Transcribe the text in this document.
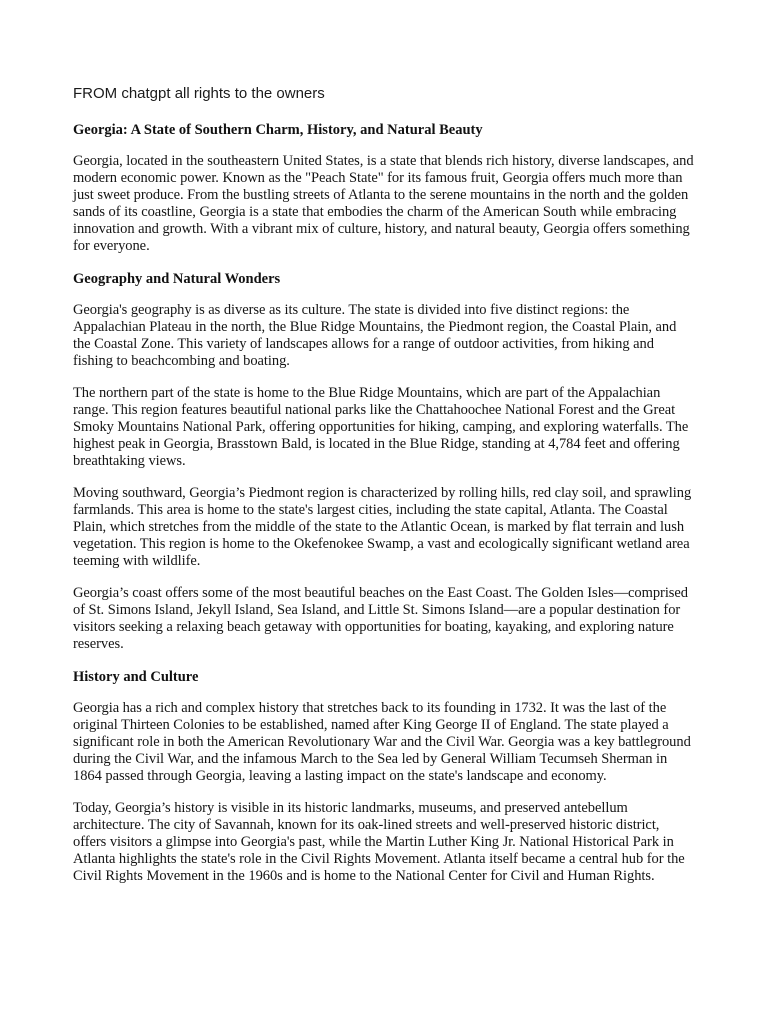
FROM chatgpt all rights to the owners
Georgia: A State of Southern Charm, History, and Natural Beauty

Georgia, located in the southeastern United States, is a state that blends rich history, diverse landscapes, and modern economic power. Known as the "Peach State" for its famous fruit, Georgia offers much more than just sweet produce. From the bustling streets of Atlanta to the serene mountains in the north and the golden sands of its coastline, Georgia is a state that embodies the charm of the American South while embracing innovation and growth. With a vibrant mix of culture, history, and natural beauty, Georgia offers something for everyone.

Geography and Natural Wonders

Georgia's geography is as diverse as its culture. The state is divided into five distinct regions: the Appalachian Plateau in the north, the Blue Ridge Mountains, the Piedmont region, the Coastal Plain, and the Coastal Zone. This variety of landscapes allows for a range of outdoor activities, from hiking and fishing to beachcombing and boating.

The northern part of the state is home to the Blue Ridge Mountains, which are part of the Appalachian range. This region features beautiful national parks like the Chattahoochee National Forest and the Great Smoky Mountains National Park, offering opportunities for hiking, camping, and exploring waterfalls. The highest peak in Georgia, Brasstown Bald, is located in the Blue Ridge, standing at 4,784 feet and offering breathtaking views.

Moving southward, Georgia’s Piedmont region is characterized by rolling hills, red clay soil, and sprawling farmlands. This area is home to the state's largest cities, including the state capital, Atlanta. The Coastal Plain, which stretches from the middle of the state to the Atlantic Ocean, is marked by flat terrain and lush vegetation. This region is home to the Okefenokee Swamp, a vast and ecologically significant wetland area teeming with wildlife.

Georgia’s coast offers some of the most beautiful beaches on the East Coast. The Golden Isles—comprised of St. Simons Island, Jekyll Island, Sea Island, and Little St. Simons Island—are a popular destination for visitors seeking a relaxing beach getaway with opportunities for boating, kayaking, and exploring nature reserves.

History and Culture

Georgia has a rich and complex history that stretches back to its founding in 1732. It was the last of the original Thirteen Colonies to be established, named after King George II of England. The state played a significant role in both the American Revolutionary War and the Civil War. Georgia was a key battleground during the Civil War, and the infamous March to the Sea led by General William Tecumseh Sherman in 1864 passed through Georgia, leaving a lasting impact on the state's landscape and economy.

Today, Georgia’s history is visible in its historic landmarks, museums, and preserved antebellum architecture. The city of Savannah, known for its oak-lined streets and well-preserved historic district, offers visitors a glimpse into Georgia's past, while the Martin Luther King Jr. National Historical Park in Atlanta highlights the state's role in the Civil Rights Movement. Atlanta itself became a central hub for the Civil Rights Movement in the 1960s and is home to the National Center for Civil and Human Rights.
